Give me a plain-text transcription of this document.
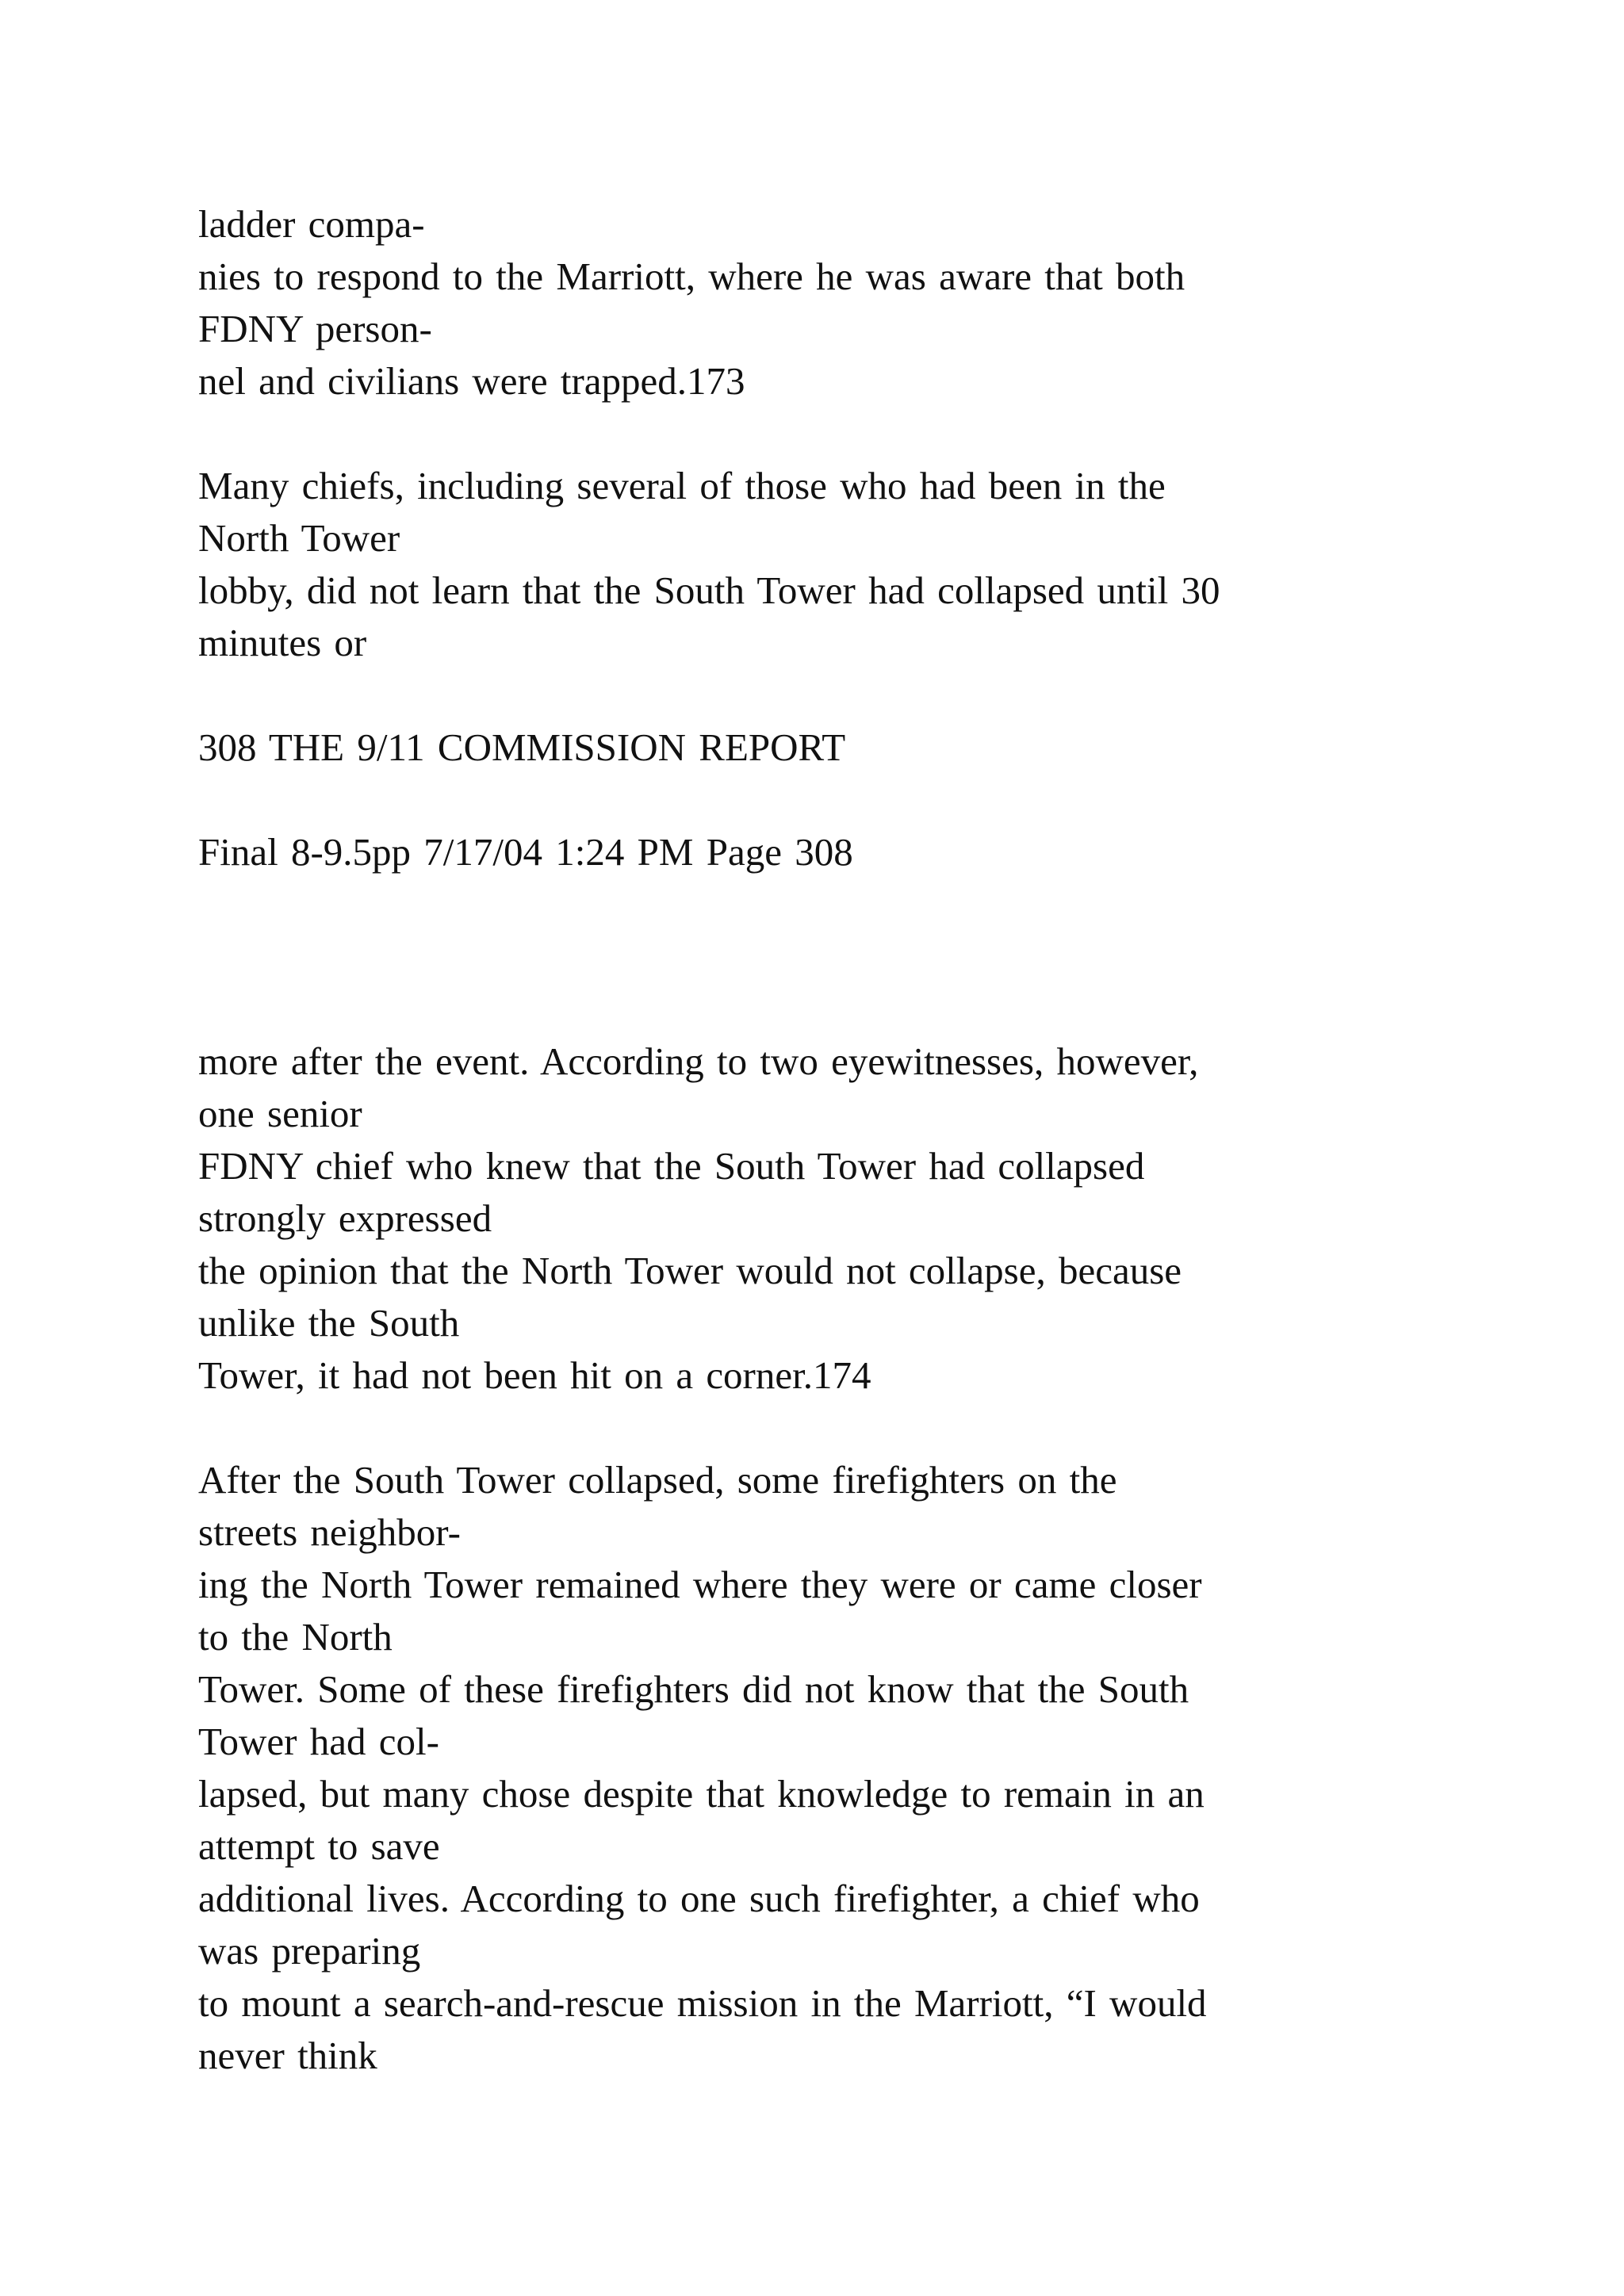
ladder compa-
nies to respond to the Marriott, where he was aware that both
FDNY person-
nel and civilians were trapped.173
Many chiefs, including several of those who had been in the
North Tower
lobby, did not learn that the South Tower had collapsed until 30
minutes or
308 THE 9/11 COMMISSION REPORT
Final 8-9.5pp 7/17/04 1:24 PM Page 308
more after the event. According to two eyewitnesses, however,
one senior
FDNY chief who knew that the South Tower had collapsed
strongly expressed
the opinion that the North Tower would not collapse, because
unlike the South
Tower, it had not been hit on a corner.174
After the South Tower collapsed, some firefighters on the
streets neighbor-
ing the North Tower remained where they were or came closer
to the North
Tower. Some of these firefighters did not know that the South
Tower had col-
lapsed, but many chose despite that knowledge to remain in an
attempt to save
additional lives. According to one such firefighter, a chief who
was preparing
to mount a search-and-rescue mission in the Marriott, “I would
never think
